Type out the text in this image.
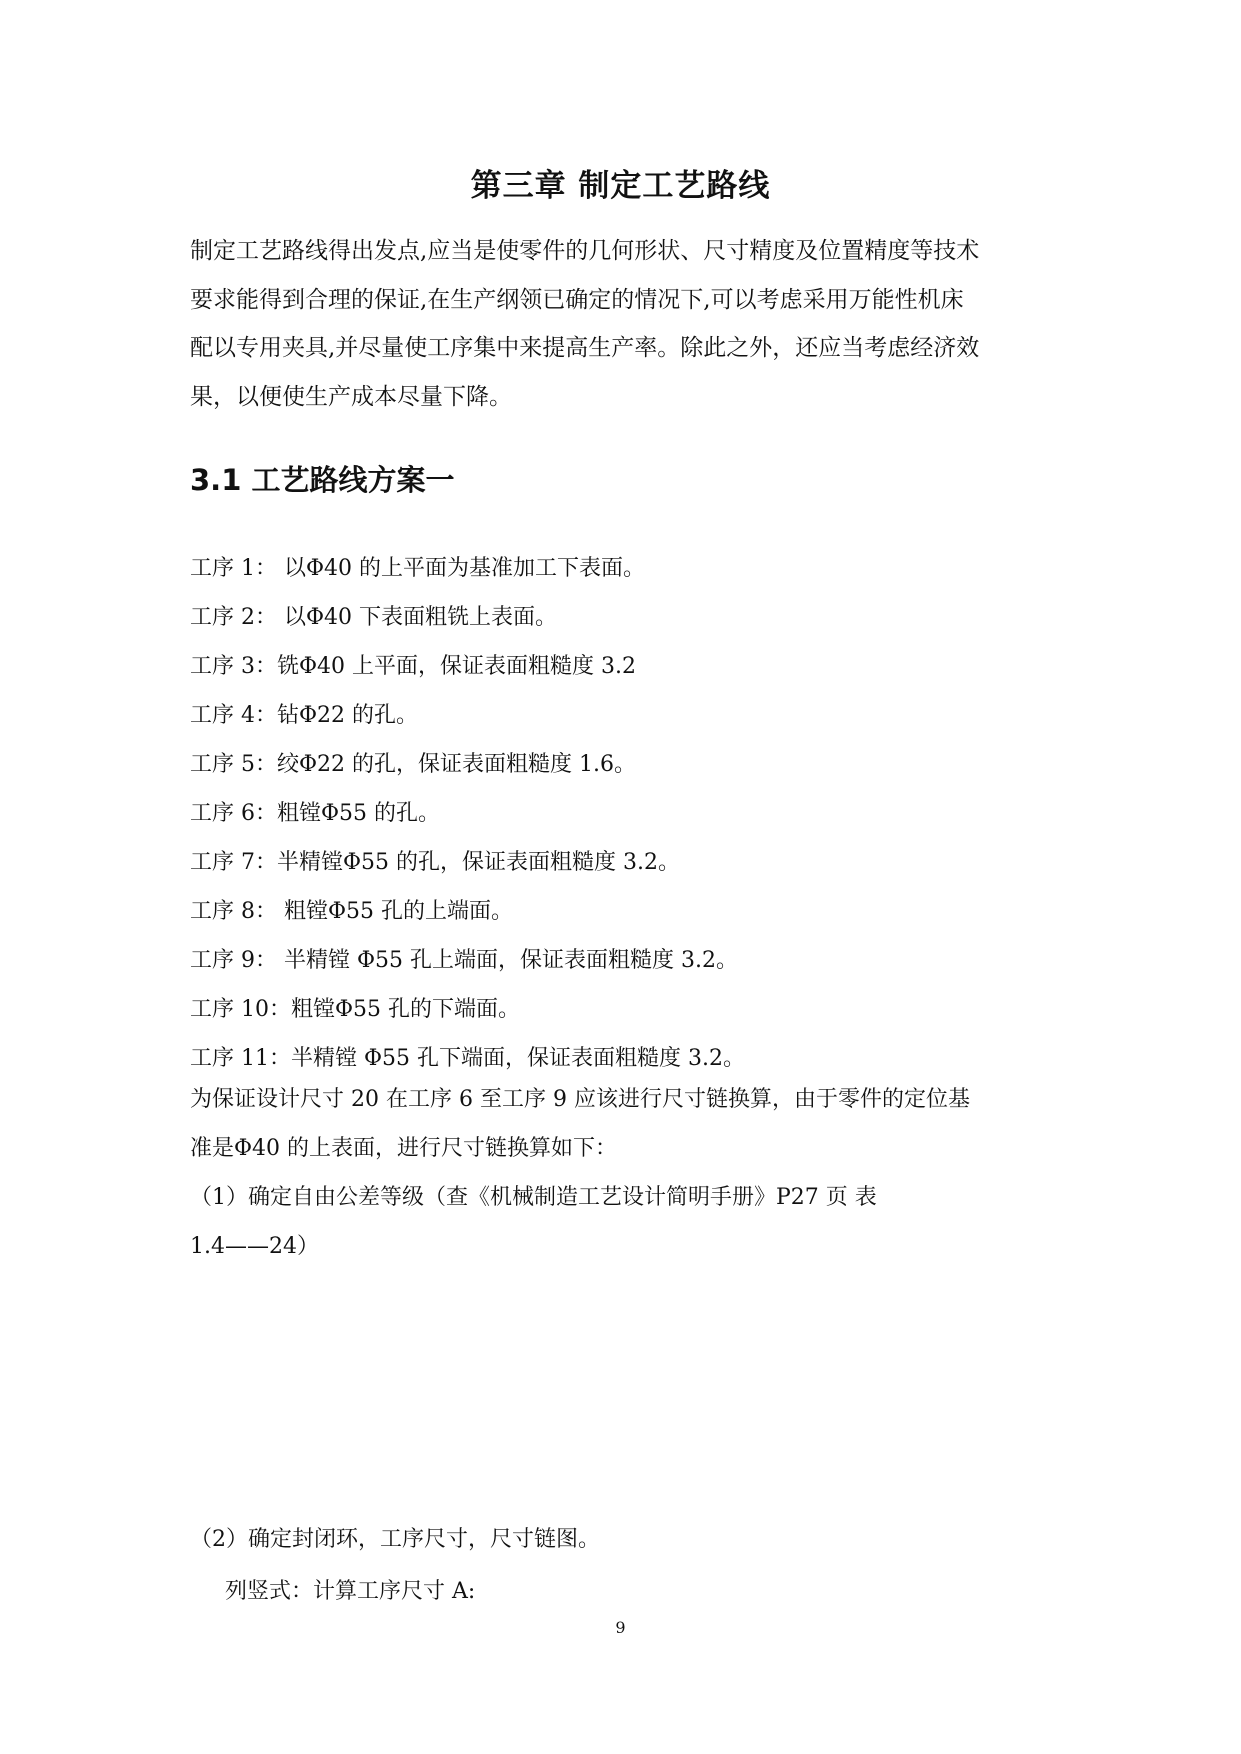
第三章 制定工艺路线

制定工艺路线得出发点,应当是使零件的几何形状、尺寸精度及位置精度等技术
要求能得到合理的保证,在生产纲领已确定的情况下,可以考虑采用万能性机床
配以专用夹具,并尽量使工序集中来提高生产率。除此之外，还应当考虑经济效
果，以便使生产成本尽量下降。

3.1 工艺路线方案一
工序 1： 以Φ40 的上平面为基准加工下表面。
工序 2： 以Φ40 下表面粗铣上表面。
工序 3：铣Φ40 上平面，保证表面粗糙度 3.2
工序 4：钻Φ22 的孔。
工序 5：绞Φ22 的孔，保证表面粗糙度 1.6。
工序 6：粗镗Φ55 的孔。
工序 7：半精镗Φ55 的孔，保证表面粗糙度 3.2。
工序 8： 粗镗Φ55 孔的上端面。
工序 9： 半精镗 Φ55 孔上端面，保证表面粗糙度 3.2。
工序 10：粗镗Φ55 孔的下端面。
工序 11：半精镗 Φ55 孔下端面，保证表面粗糙度 3.2。

为保证设计尺寸 20 在工序 6 至工序 9 应该进行尺寸链换算，由于零件的定位基
准是Φ40 的上表面，进行尺寸链换算如下：
（1）确定自由公差等级（查《机械制造工艺设计简明手册》P27 页 表
1.4——24）

（2）确定封闭环，工序尺寸，尺寸链图。

列竖式：计算工序尺寸 A:

9
